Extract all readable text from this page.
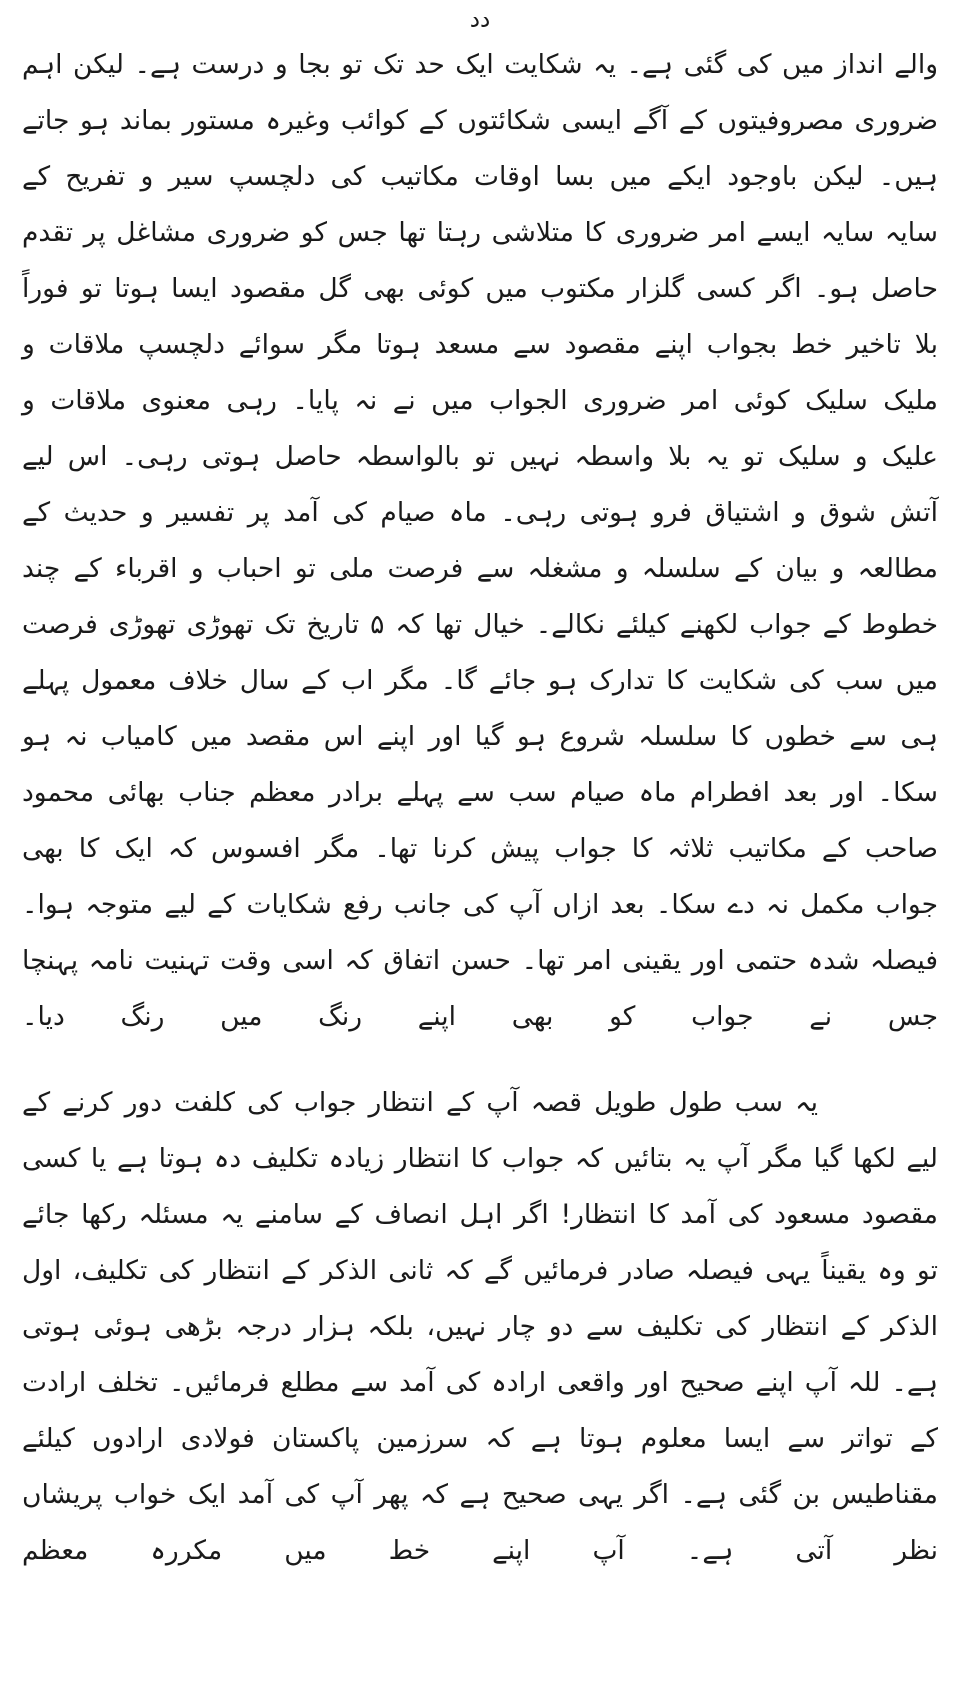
دد

والے انداز میں کی گئی ہے۔ یہ شکایت ایک حد تک تو بجا و درست ہے۔ لیکن اہم ضروری مصروفیتوں کے آگے ایسی شکائتوں کے کوائب وغیرہ مستور بماند ہو جاتے ہیں۔ لیکن باوجود ایکے میں بسا اوقات مکاتیب کی دلچسپ سیر و تفریح کے سایہ سایہ ایسے امر ضروری کا متلاشی رہتا تھا جس کو ضروری مشاغل پر تقدم حاصل ہو۔ اگر کسی گلزار مکتوب میں کوئی بھی گل مقصود ایسا ہوتا تو فوراً بلا تاخیر خط بجواب اپنے مقصود سے مسعد ہوتا مگر سوائے دلچسپ ملاقات و ملیک سلیک کوئی امر ضروری الجواب میں نے نہ پایا۔ رہی معنوی ملاقات و علیک و سلیک تو یہ بلا واسطہ نہیں تو بالواسطہ حاصل ہوتی رہی۔ اس لیے آتش شوق و اشتیاق فرو ہوتی رہی۔ ماہ صیام کی آمد پر تفسیر و حدیث کے مطالعہ و بیان کے سلسلہ و مشغلہ سے فرصت ملی تو احباب و اقرباء کے چند خطوط کے جواب لکھنے کیلئے نکالے۔ خیال تھا کہ ۵ تاریخ تک تھوڑی تھوڑی فرصت میں سب کی شکایت کا تدارک ہو جائے گا۔ مگر اب کے سال خلاف معمول پہلے ہی سے خطوں کا سلسلہ شروع ہو گیا اور اپنے اس مقصد میں کامیاب نہ ہو سکا۔ اور بعد افطرام ماہ صیام سب سے پہلے برادر معظم جناب بھائی محمود صاحب کے مکاتیب ثلاثہ کا جواب پیش کرنا تھا۔ مگر افسوس کہ ایک کا بھی جواب مکمل نہ دے سکا۔ بعد ازاں آپ کی جانب رفع شکایات کے لیے متوجہ ہوا۔ فیصلہ شدہ حتمی اور یقینی امر تھا۔ حسن اتفاق کہ اسی وقت تہنیت نامہ پہنچا جس نے جواب کو بھی اپنے رنگ میں رنگ دیا۔

یہ سب طول طویل قصہ آپ کے انتظار جواب کی کلفت دور کرنے کے لیے لکھا گیا مگر آپ یہ بتائیں کہ جواب کا انتظار زیادہ تکلیف دہ ہوتا ہے یا کسی مقصود مسعود کی آمد کا انتظار! اگر اہل انصاف کے سامنے یہ مسئلہ رکھا جائے تو وہ یقیناً یہی فیصلہ صادر فرمائیں گے کہ ثانی الذکر کے انتظار کی تکلیف، اول الذکر کے انتظار کی تکلیف سے دو چار نہیں، بلکہ ہزار درجہ بڑھی ہوئی ہوتی ہے۔ للہ آپ اپنے صحیح اور واقعی ارادہ کی آمد سے مطلع فرمائیں۔ تخلف ارادت کے تواتر سے ایسا معلوم ہوتا ہے کہ سرزمین پاکستان فولادی ارادوں کیلئے مقناطیس بن گئی ہے۔ اگر یہی صحیح ہے کہ پھر آپ کی آمد ایک خواب پریشاں نظر آتی ہے۔ آپ اپنے خط میں مکررہ معظم
